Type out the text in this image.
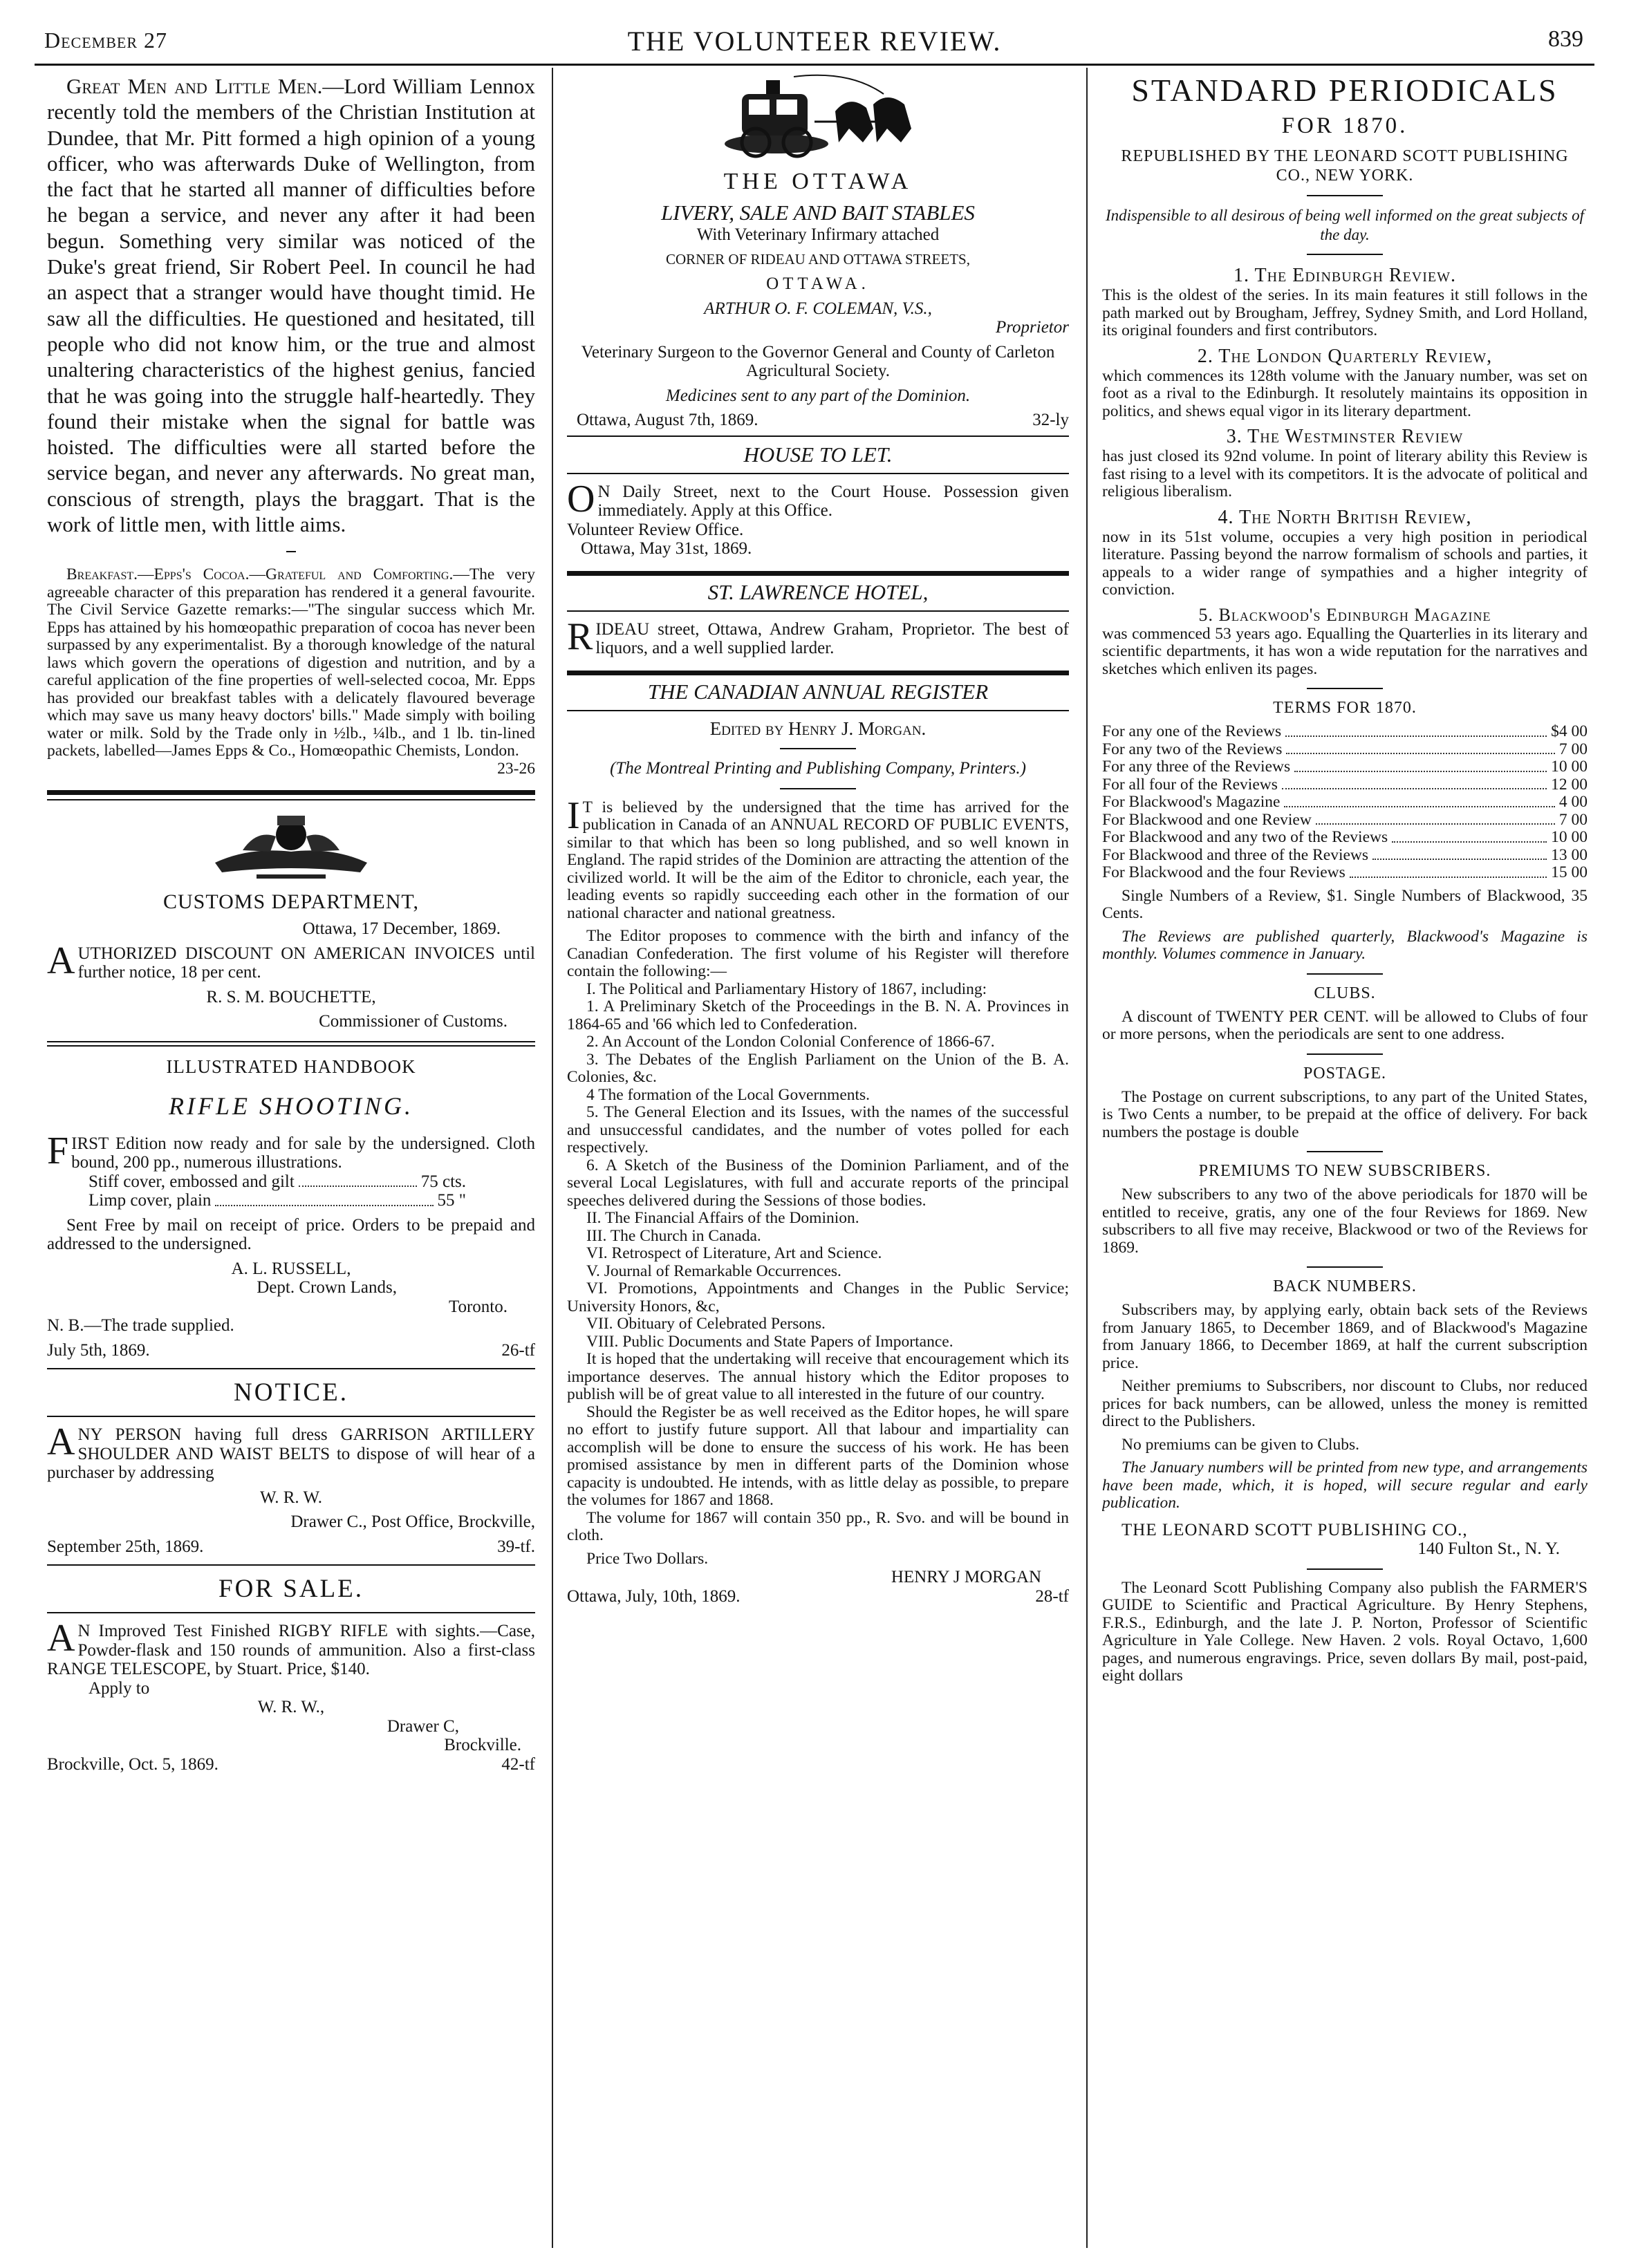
December 27	THE VOLUNTEER REVIEW.	839

Great Men and Little Men.—Lord William Lennox recently told the members of the Christian Institution at Dundee, that Mr. Pitt formed a high opinion of a young officer, who was afterwards Duke of Wellington, from the fact that he started all manner of difficulties before he began a service, and never any after it had been begun. Something very similar was noticed of the Duke's great friend, Sir Robert Peel. In council he had an aspect that a stranger would have thought timid. He saw all the difficulties. He questioned and hesitated, till people who did not know him, or the true and almost unaltering characteristics of the highest genius, fancied that he was going into the struggle half-heartedly. They found their mistake when the signal for battle was hoisted. The difficulties were all started before the service began, and never any afterwards. No great man, conscious of strength, plays the braggart. That is the work of little men, with little aims.

Breakfast.—Epps's Cocoa.—Grateful and Comforting.—The very agreeable character of this preparation has rendered it a general favourite. The Civil Service Gazette remarks:—"The singular success which Mr. Epps has attained by his homœopathic preparation of cocoa has never been surpassed by any experimentalist. By a thorough knowledge of the natural laws which govern the operations of digestion and nutrition, and by a careful application of the fine properties of well-selected cocoa, Mr. Epps has provided our breakfast tables with a delicately flavoured beverage which may save us many heavy doctors' bills." Made simply with boiling water or milk. Sold by the Trade only in ½lb., ¼lb., and 1 lb. tin-lined packets, labelled—James Epps & Co., Homœopathic Chemists, London.

23-26

CUSTOMS DEPARTMENT,

Ottawa, 17 December, 1869.

AUTHORIZED DISCOUNT ON AMERICAN INVOICES until further notice, 18 per cent.

R. S. M. BOUCHETTE,

Commissioner of Customs.

ILLUSTRATED HANDBOOK
RIFLE SHOOTING.

FIRST Edition now ready and for sale by the undersigned. Cloth bound, 200 pp., numerous illustrations.

Stiff cover, embossed and gilt	75 cts.
Limp cover, plain	55 "

Sent Free by mail on receipt of price. Orders to be prepaid and addressed to the undersigned.

A. L. RUSSELL,

Dept. Crown Lands,

Toronto.

N. B.—The trade supplied.

July 5th, 1869.	26-tf
NOTICE.

ANY PERSON having full dress GARRISON ARTILLERY SHOULDER AND WAIST BELTS to dispose of will hear of a purchaser by addressing

W. R. W.

Drawer C., Post Office, Brockville,

September 25th, 1869.	39-tf.
FOR SALE.

AN Improved Test Finished RIGBY RIFLE with sights.—Case, Powder-flask and 150 rounds of ammunition. Also a first-class RANGE TELESCOPE, by Stuart. Price, $140.

Apply to

W. R. W.,

Drawer C,

Brockville.

Brockville, Oct. 5, 1869.	42-tf
THE OTTAWA
LIVERY, SALE AND BAIT STABLES

With Veterinary Infirmary attached

CORNER OF RIDEAU AND OTTAWA STREETS,

OTTAWA.

ARTHUR O. F. COLEMAN, V.S.,

Proprietor

Veterinary Surgeon to the Governor General and County of Carleton Agricultural Society.

Medicines sent to any part of the Dominion.

Ottawa, August 7th, 1869.	32-ly
HOUSE TO LET.

ON Daily Street, next to the Court House. Possession given immediately. Apply at this Office.

Volunteer Review Office.

Ottawa, May 31st, 1869.

ST. LAWRENCE HOTEL,

RIDEAU street, Ottawa, Andrew Graham, Proprietor. The best of liquors, and a well supplied larder.

THE CANADIAN ANNUAL REGISTER

Edited by Henry J. Morgan.

(The Montreal Printing and Publishing Company, Printers.)

IT is believed by the undersigned that the time has arrived for the publication in Canada of an ANNUAL RECORD OF PUBLIC EVENTS, similar to that which has been so long published, and so well known in England. The rapid strides of the Dominion are attracting the attention of the civilized world. It will be the aim of the Editor to chronicle, each year, the leading events so rapidly succeeding each other in the formation of our national character and national greatness.

The Editor proposes to commence with the birth and infancy of the Canadian Confederation. The first volume of his Register will therefore contain the following:—

I. The Political and Parliamentary History of 1867, including:

1. A Preliminary Sketch of the Proceedings in the B. N. A. Provinces in 1864-65 and '66 which led to Confederation.

2. An Account of the London Colonial Conference of 1866-67.

3. The Debates of the English Parliament on the Union of the B. A. Colonies, &c.

4 The formation of the Local Governments.

5. The General Election and its Issues, with the names of the successful and unsuccessful candidates, and the number of votes polled for each respectively.

6. A Sketch of the Business of the Dominion Parliament, and of the several Local Legislatures, with full and accurate reports of the principal speeches delivered during the Sessions of those bodies.

II. The Financial Affairs of the Dominion.

III. The Church in Canada.

VI. Retrospect of Literature, Art and Science.

V. Journal of Remarkable Occurrences.

VI. Promotions, Appointments and Changes in the Public Service; University Honors, &c,

VII. Obituary of Celebrated Persons.

VIII. Public Documents and State Papers of Importance.

It is hoped that the undertaking will receive that encouragement which its importance deserves. The annual history which the Editor proposes to publish will be of great value to all interested in the future of our country.

Should the Register be as well received as the Editor hopes, he will spare no effort to justify future support. All that labour and impartiality can accomplish will be done to ensure the success of his work. He has been promised assistance by men in different parts of the Dominion whose capacity is undoubted. He intends, with as little delay as possible, to prepare the volumes for 1867 and 1868.

The volume for 1867 will contain 350 pp., R. Svo. and will be bound in cloth.

Price Two Dollars.

HENRY J MORGAN

Ottawa, July, 10th, 1869.	28-tf
STANDARD PERIODICALS
FOR 1870.

REPUBLISHED BY THE LEONARD SCOTT PUBLISHING CO., NEW YORK.

Indispensible to all desirous of being well informed on the great subjects of the day.

1. The Edinburgh Review.

This is the oldest of the series. In its main features it still follows in the path marked out by Brougham, Jeffrey, Sydney Smith, and Lord Holland, its original founders and first contributors.

2. The London Quarterly Review,

which commences its 128th volume with the January number, was set on foot as a rival to the Edinburgh. It resolutely maintains its opposition in politics, and shews equal vigor in its literary department.

3. The Westminster Review

has just closed its 92nd volume. In point of literary ability this Review is fast rising to a level with its competitors. It is the advocate of political and religious liberalism.

4. The North British Review,

now in its 51st volume, occupies a very high position in periodical literature. Passing beyond the narrow formalism of schools and parties, it appeals to a wider range of sympathies and a higher integrity of conviction.

5. Blackwood's Edinburgh Magazine

was commenced 53 years ago. Equalling the Quarterlies in its literary and scientific departments, it has won a wide reputation for the narratives and sketches which enliven its pages.

TERMS FOR 1870.
For any one of the Reviews	$4 00
For any two of the Reviews	7 00
For any three of the Reviews	10 00
For all four of the Reviews	12 00
For Blackwood's Magazine	4 00
For Blackwood and one Review	7 00
For Blackwood and any two of the Reviews	10 00
For Blackwood and three of the Reviews	13 00
For Blackwood and the four Reviews	15 00

Single Numbers of a Review, $1. Single Numbers of Blackwood, 35 Cents.

The Reviews are published quarterly, Blackwood's Magazine is monthly. Volumes commence in January.

CLUBS.

A discount of TWENTY PER CENT. will be allowed to Clubs of four or more persons, when the periodicals are sent to one address.

POSTAGE.

The Postage on current subscriptions, to any part of the United States, is Two Cents a number, to be prepaid at the office of delivery. For back numbers the postage is double

PREMIUMS TO NEW SUBSCRIBERS.

New subscribers to any two of the above periodicals for 1870 will be entitled to receive, gratis, any one of the four Reviews for 1869. New subscribers to all five may receive, Blackwood or two of the Reviews for 1869.

BACK NUMBERS.

Subscribers may, by applying early, obtain back sets of the Reviews from January 1865, to December 1869, and of Blackwood's Magazine from January 1866, to December 1869, at half the current subscription price.

Neither premiums to Subscribers, nor discount to Clubs, nor reduced prices for back numbers, can be allowed, unless the money is remitted direct to the Publishers.

No premiums can be given to Clubs.

The January numbers will be printed from new type, and arrangements have been made, which, it is hoped, will secure regular and early publication.

THE LEONARD SCOTT PUBLISHING CO.,

140 Fulton St., N. Y.

The Leonard Scott Publishing Company also publish the FARMER'S GUIDE to Scientific and Practical Agriculture. By Henry Stephens, F.R.S., Edinburgh, and the late J. P. Norton, Professor of Scientific Agriculture in Yale College. New Haven. 2 vols. Royal Octavo, 1,600 pages, and numerous engravings. Price, seven dollars By mail, post-paid, eight dollars
